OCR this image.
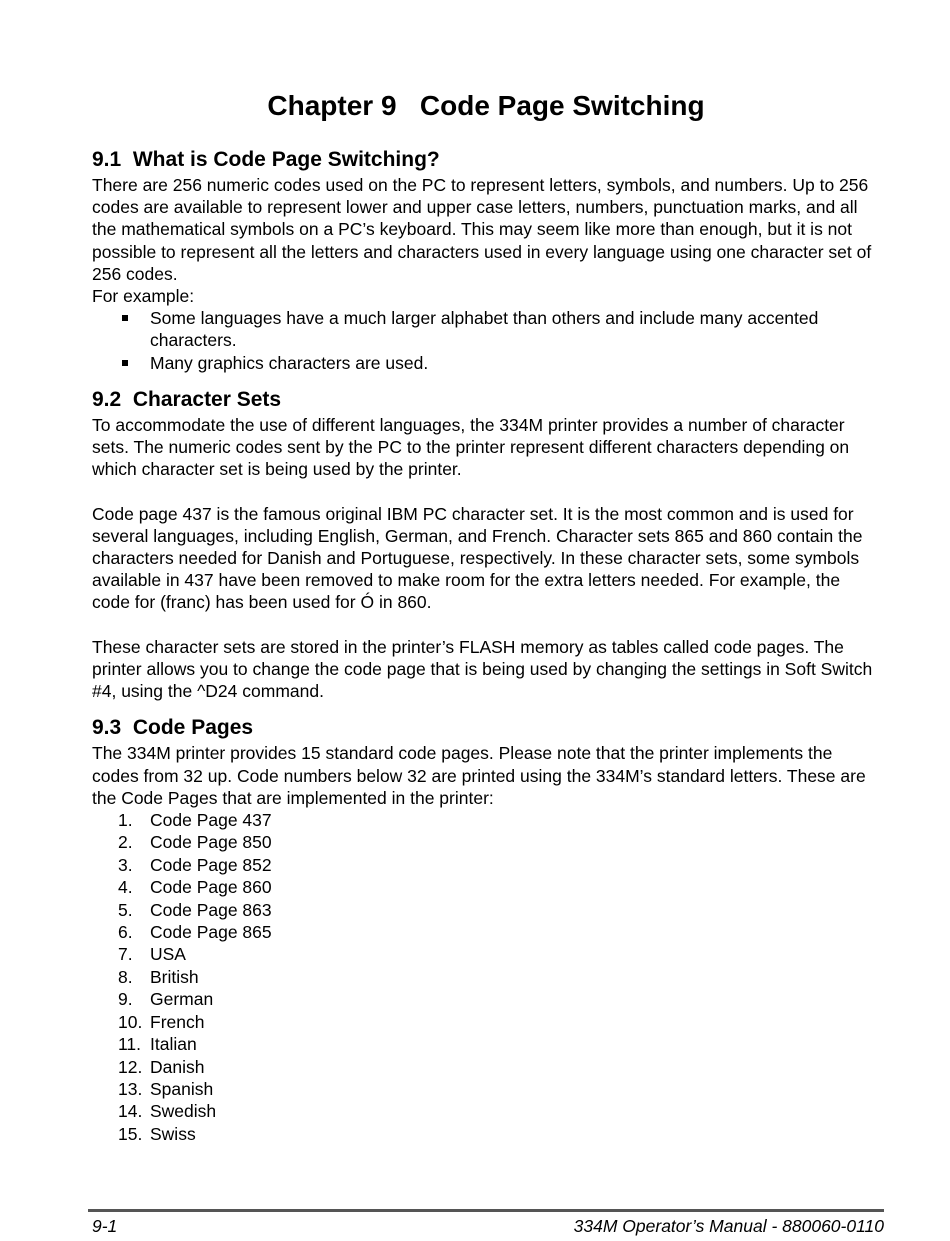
Chapter 9   Code Page Switching
9.1  What is Code Page Switching?

There are 256 numeric codes used on the PC to represent letters, symbols, and numbers. Up to 256 codes are available to represent lower and upper case letters, numbers, punctuation marks, and all the mathematical symbols on a PC’s keyboard. This may seem like more than enough, but it is not possible to represent all the letters and characters used in every language using one character set of 256 codes.

For example:

Some languages have a much larger alphabet than others and include many accented characters.
Many graphics characters are used.
9.2  Character Sets

To accommodate the use of different languages, the 334M printer provides a number of character sets. The numeric codes sent by the PC to the printer represent different characters depending on which character set is being used by the printer.

Code page 437 is the famous original IBM PC character set. It is the most common and is used for several languages, including English, German, and French. Character sets 865 and 860 contain the characters needed for Danish and Portuguese, respectively. In these character sets, some symbols available in 437 have been removed to make room for the extra letters needed. For example, the code for (franc) has been used for Ó in 860.

These character sets are stored in the printer’s FLASH memory as tables called code pages. The printer allows you to change the code page that is being used by changing the settings in Soft Switch #4, using the ^D24 command.

9.3  Code Pages

The 334M printer provides 15 standard code pages. Please note that the printer implements the codes from 32 up. Code numbers below 32 are printed using the 334M’s standard letters. These are the Code Pages that are implemented in the printer:

1. Code Page 437
2. Code Page 850
3. Code Page 852
4. Code Page 860
5. Code Page 863
6. Code Page 865
7. USA
8. British
9. German
10. French
11. Italian
12. Danish
13. Spanish
14. Swedish
15. Swiss
9-1	334M Operator’s Manual - 880060-0110
